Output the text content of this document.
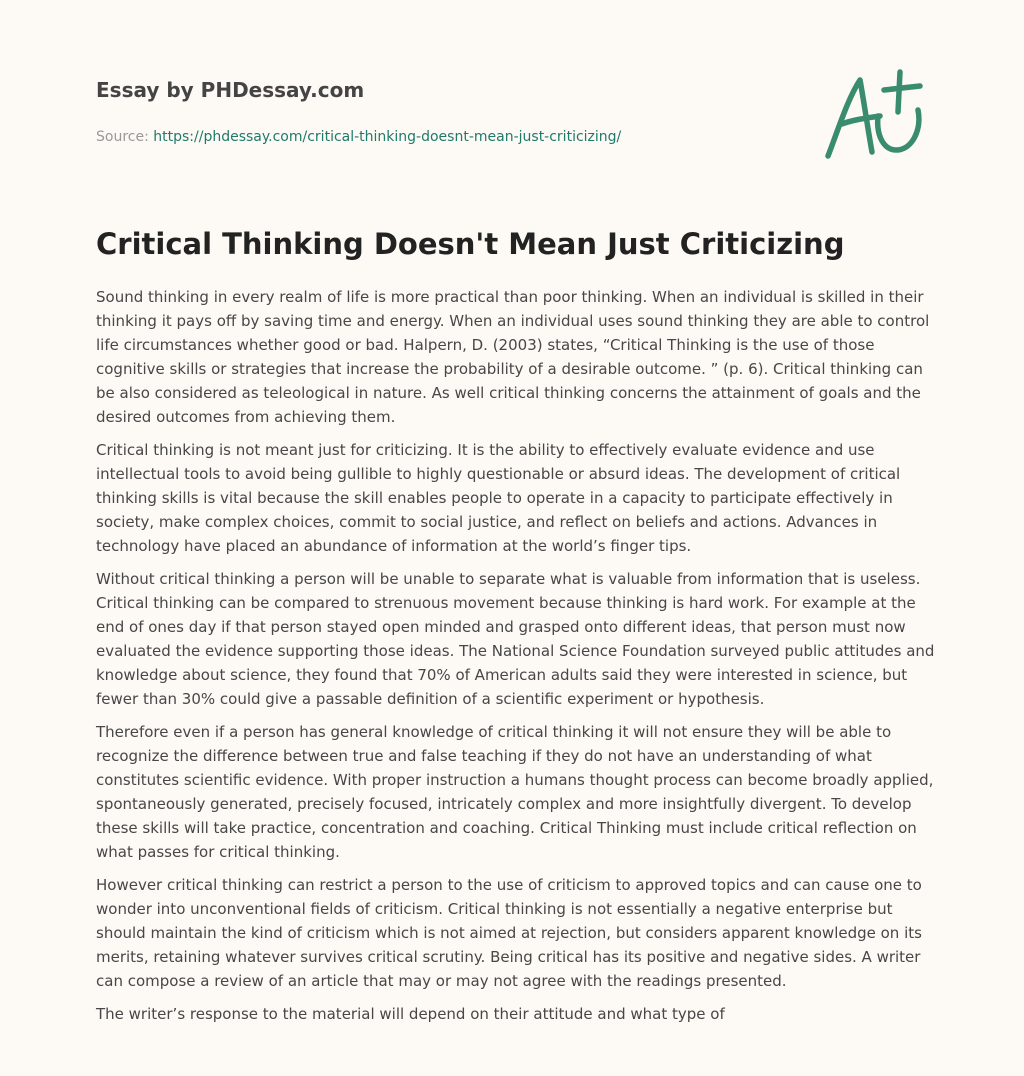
Essay by PHDessay.com
Source: https://phdessay.com/critical-thinking-doesnt-mean-just-criticizing/
Critical Thinking Doesn't Mean Just Criticizing

Sound thinking in every realm of life is more practical than poor thinking. When an individual is skilled in their thinking it pays off by saving time and energy. When an individual uses sound thinking they are able to control life circumstances whether good or bad. Halpern, D. (2003) states, “Critical Thinking is the use of those cognitive skills or strategies that increase the probability of a desirable outcome. ” (p. 6). Critical thinking can be also considered as teleological in nature. As well critical thinking concerns the attainment of goals and the desired outcomes from achieving them.

Critical thinking is not meant just for criticizing. It is the ability to effectively evaluate evidence and use intellectual tools to avoid being gullible to highly questionable or absurd ideas. The development of critical thinking skills is vital because the skill enables people to operate in a capacity to participate effectively in society, make complex choices, commit to social justice, and reflect on beliefs and actions. Advances in technology have placed an abundance of information at the world’s finger tips.

Without critical thinking a person will be unable to separate what is valuable from information that is useless. Critical thinking can be compared to strenuous movement because thinking is hard work. For example at the end of ones day if that person stayed open minded and grasped onto different ideas, that person must now evaluated the evidence supporting those ideas. The National Science Foundation surveyed public attitudes and knowledge about science, they found that 70% of American adults said they were interested in science, but fewer than 30% could give a passable definition of a scientific experiment or hypothesis.

Therefore even if a person has general knowledge of critical thinking it will not ensure they will be able to recognize the difference between true and false teaching if they do not have an understanding of what constitutes scientific evidence. With proper instruction a humans thought process can become broadly applied, spontaneously generated, precisely focused, intricately complex and more insightfully divergent. To develop these skills will take practice, concentration and coaching. Critical Thinking must include critical reflection on what passes for critical thinking.

However critical thinking can restrict a person to the use of criticism to approved topics and can cause one to wonder into unconventional fields of criticism. Critical thinking is not essentially a negative enterprise but should maintain the kind of criticism which is not aimed at rejection, but considers apparent knowledge on its merits, retaining whatever survives critical scrutiny. Being critical has its positive and negative sides. A writer can compose a review of an article that may or may not agree with the readings presented.

The writer’s response to the material will depend on their attitude and what type of
